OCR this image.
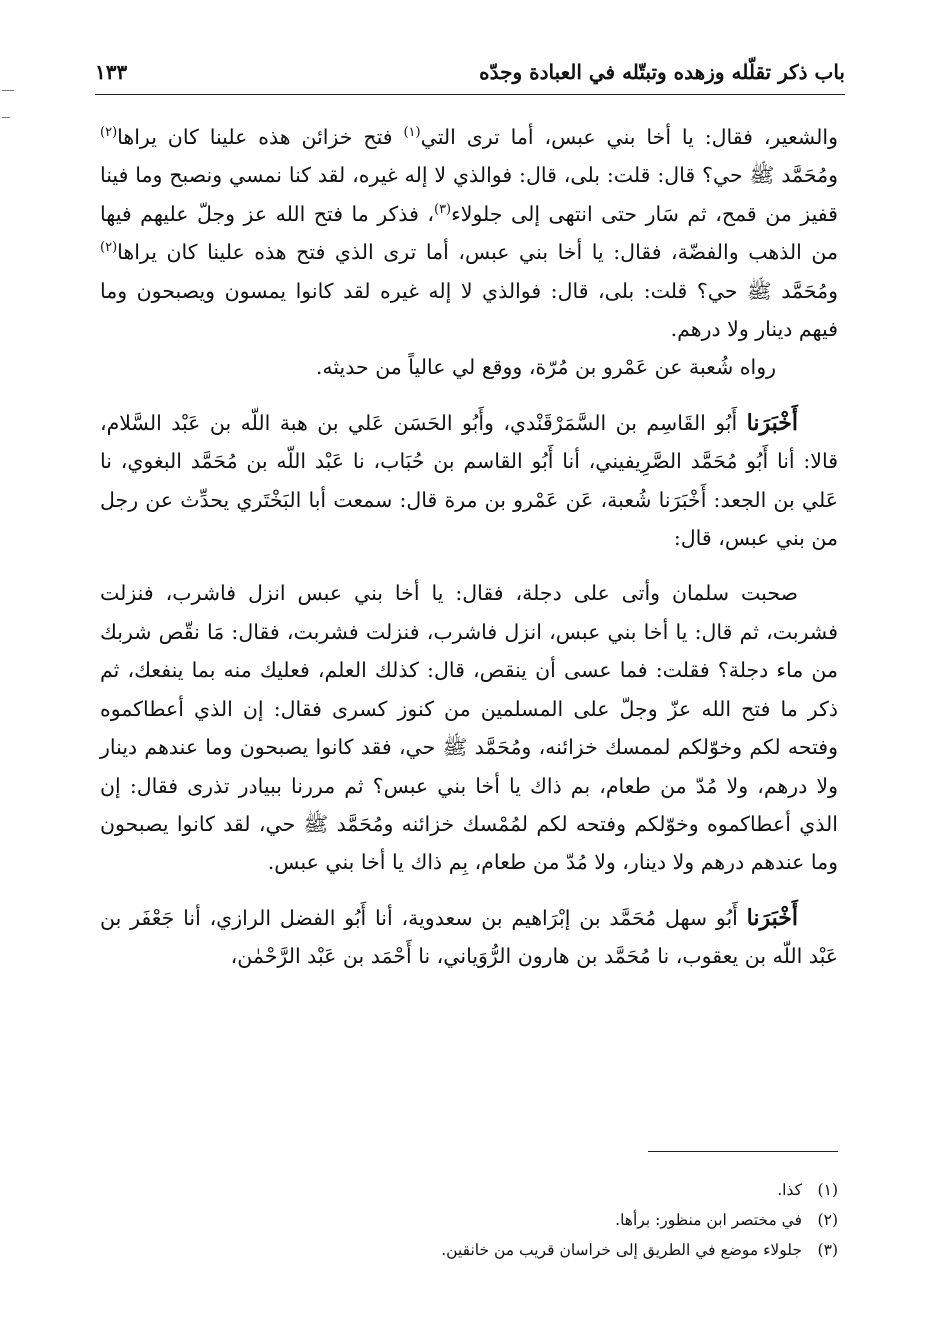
باب ذكر تقلّله وزهده وتبتّله في العبادة وجدّه
١٣٣

والشعير، فقال: يا أخا بني عبس، أما ترى التي$^{(١)}$ فتح خزائن هذه علينا كان يراها$^{(٢)}$ ومُحَمَّد ﷺ حي؟ قال: قلت: بلى، قال: فوالذي لا إله غيره، لقد كنا نمسي ونصبح وما فينا قفيز من قمح، ثم سَار حتى انتهى إلى جلولاء$^{(٣)}$، فذكر ما فتح الله عز وجلّ عليهم فيها من الذهب والفضّة، فقال: يا أخا بني عبس، أما ترى الذي فتح هذه علينا كان يراها$^{(٢)}$ ومُحَمَّد ﷺ حي؟ قلت: بلى، قال: فوالذي لا إله غيره لقد كانوا يمسون ويصبحون وما فيهم دينار ولا درهم.

رواه شُعبة عن عَمْرو بن مُرّة، ووقع لي عالياً من حديثه.

أَخْبَرَنا أَبُو القَاسِم بن السَّمَرْقَنْدي، وأَبُو الحَسَن عَلي بن هبة اللّه بن عَبْد السَّلام، قالا: أنا أَبُو مُحَمَّد الصَّرِيفيني، أنا أَبُو القاسم بن حُبَاب، نا عَبْد اللّه بن مُحَمَّد البغوي، نا عَلي بن الجعد: أَخْبَرَنا شُعبة، عَن عَمْرو بن مرة قال: سمعت أبا البَخْتَري يحدِّث عن رجل من بني عبس، قال:

صحبت سلمان وأتى على دجلة، فقال: يا أخا بني عبس انزل فاشرب، فنزلت فشربت، ثم قال: يا أخا بني عبس، انزل فاشرب، فنزلت فشربت، فقال: مَا نقّص شربك من ماء دجلة؟ فقلت: فما عسى أن ينقص، قال: كذلك العلم، فعليك منه بما ينفعك، ثم ذكر ما فتح الله عزّ وجلّ على المسلمين من كنوز كسرى فقال: إن الذي أعطاكموه وفتحه لكم وخوّلكم لممسك خزائنه، ومُحَمَّد ﷺ حي، فقد كانوا يصبحون وما عندهم دينار ولا درهم، ولا مُدّ من طعام، بم ذاك يا أخا بني عبس؟ ثم مررنا ببيادر تذرى فقال: إن الذي أعطاكموه وخوّلكم وفتحه لكم لمُمْسك خزائنه ومُحَمَّد ﷺ حي، لقد كانوا يصبحون وما عندهم درهم ولا دينار، ولا مُدّ من طعام، بِم ذاك يا أخا بني عبس.

أَخْبَرَنا أَبُو سهل مُحَمَّد بن إبْرَاهيم بن سعدوية، أنا أَبُو الفضل الرازي، أنا جَعْفَر بن عَبْد اللّه بن يعقوب، نا مُحَمَّد بن هارون الرُّوَياني، نا أَحْمَد بن عَبْد الرَّحْمٰن،

(١)كذا.
(٢)في مختصر ابن منظور: برأها.
(٣)جلولاء موضع في الطريق إلى خراسان قريب من خانقين.
